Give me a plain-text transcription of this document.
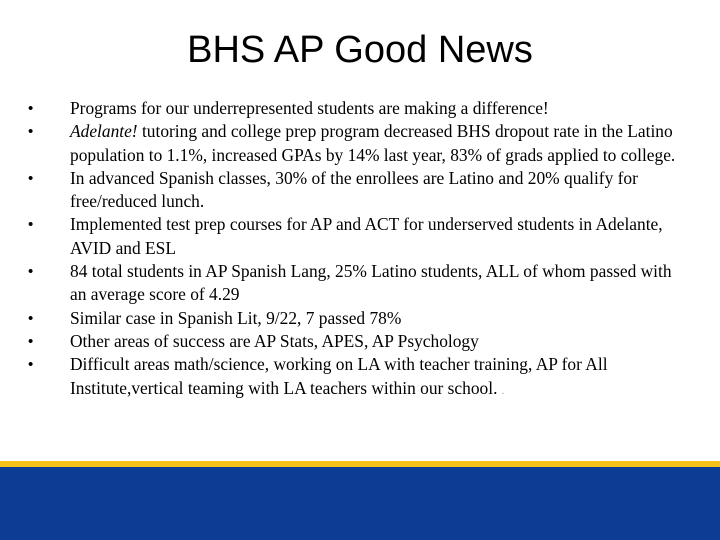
BHS AP Good News
• Programs for our underrepresented students are making a difference!
• Adelante! tutoring and college prep program decreased BHS dropout rate in the Latino population to 1.1%, increased GPAs by 14% last year, 83% of grads applied to college.
• In advanced Spanish classes, 30% of the enrollees are Latino and 20% qualify for free/reduced lunch.
• Implemented test prep courses for AP and ACT for underserved students in Adelante, AVID and ESL
• 84 total students in AP Spanish Lang, 25% Latino students, ALL of whom passed with an average score of 4.29
• Similar case in Spanish Lit, 9/22, 7 passed 78%
• Other areas of success are AP Stats, APES, AP Psychology
• Difficult areas math/science, working on LA with teacher training, AP for All Institute,vertical teaming with LA teachers within our school. .
